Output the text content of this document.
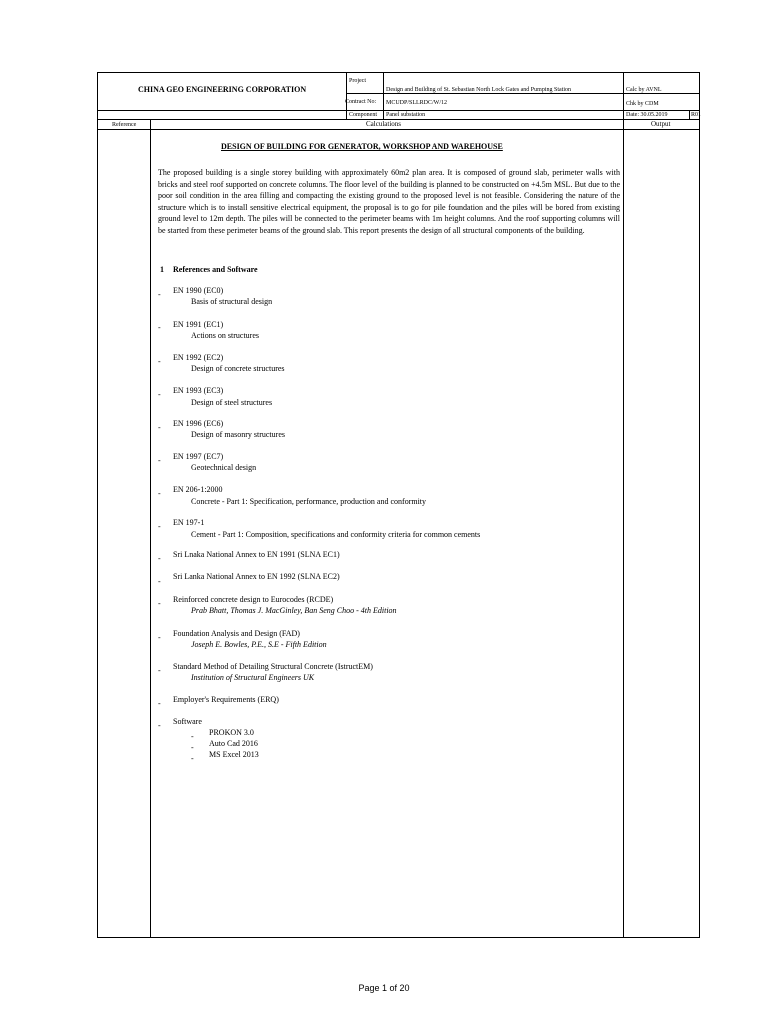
CHINA GEO ENGINEERING CORPORATION
Project
Design and Building of St. Sebastian North Lock Gates and Pumping Station
Contract No: MCUDP/SLLRDC/W/12
Component Panel substation
Calc by AVNL
Chk by CDM
Date: 30.05.2019	R01
Reference	Calculations	Output
DESIGN OF BUILDING FOR GENERATOR, WORKSHOP AND WAREHOUSE
The proposed building is a single storey building with approximately 60m2 plan area. It is composed of ground slab, perimeter walls with bricks and steel roof supported on concrete columns. The floor level of the building is planned to be constructed on +4.5m MSL. But due to the poor soil condition in the area filling and compacting the existing ground to the proposed level is not feasible. Considering the nature of the structure which is to install sensitive electrical equipment, the proposal is to go for pile foundation and the piles will be bored from existing ground level to 12m depth. The piles will be connected to the perimeter beams with 1m height columns. And the roof supporting columns will be started from these perimeter beams of the ground slab. This report presents the design of all structural components of the building.
1 References and Software
- EN 1990 (EC0)
Basis of structural design
- EN 1991 (EC1)
Actions on structures
- EN 1992 (EC2)
Design of concrete structures
- EN 1993 (EC3)
Design of steel structures
- EN 1996 (EC6)
Design of masonry structures
- EN 1997 (EC7)
Geotechnical design
- EN 206-1:2000
Concrete - Part 1: Specification, performance, production and conformity
- EN 197-1
Cement - Part 1: Composition, specifications and conformity criteria for common cements
- Sri Lnaka National Annex to EN 1991 (SLNA EC1)
-
Sri Lanka National Annex to EN 1992 (SLNA EC2)
- Reinforced concrete design to Eurocodes (RCDE)
Prab Bhatt, Thomas J. MacGinley, Ban Seng Choo - 4th Edition
- Foundation Analysis and Design (FAD)
Joseph E. Bowles, P.E., S.E - Fifth Edition
- Standard Method of Detailing Structural Concrete (IstructEM)
Institution of Structural Engineers UK
- Employer's Requirements (ERQ)
- Software
- PROKON 3.0
- Auto Cad 2016
- MS Excel 2013
Page 1 of 20
